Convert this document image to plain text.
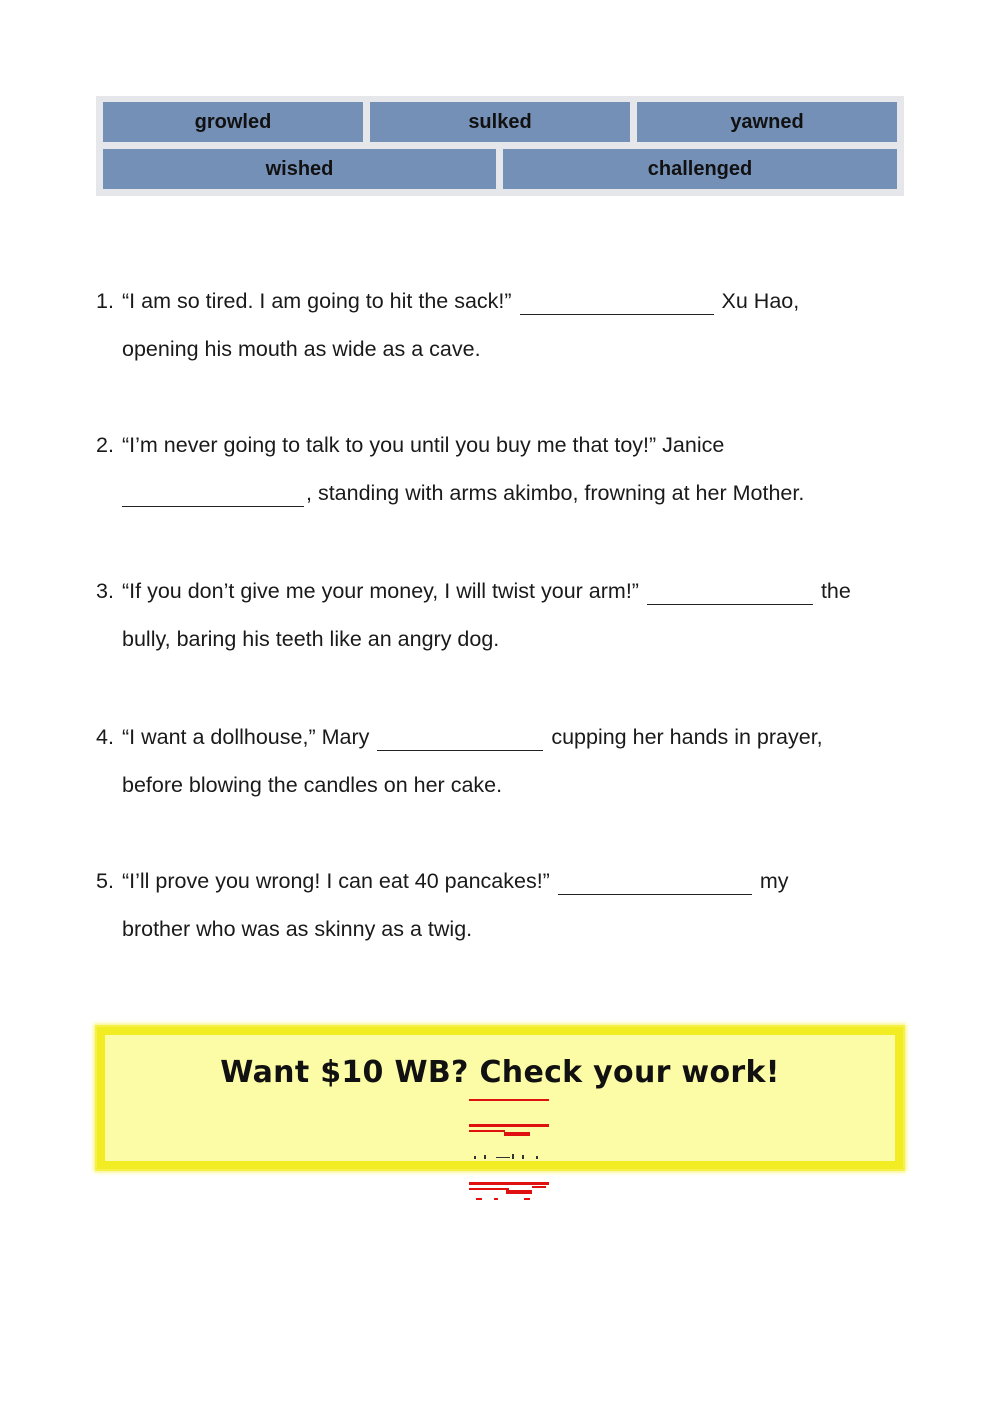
growled	sulked	yawned
wished	challenged
1. “I am so tired. I am going to hit the sack!”	Xu Hao,
opening his mouth as wide as a cave.
2. “I’m never going to talk to you until you buy me that toy!” Janice
, standing with arms akimbo, frowning at her Mother.
3. “If you don’t give me your money, I will twist your arm!”	the
bully, baring his teeth like an angry dog.
4. “I want a dollhouse,” Mary	cupping her hands in prayer,
before blowing the candles on her cake.
5. “I’ll prove you wrong! I can eat 40 pancakes!”	my
brother who was as skinny as a twig.
Want $10 WB? Check your work!
